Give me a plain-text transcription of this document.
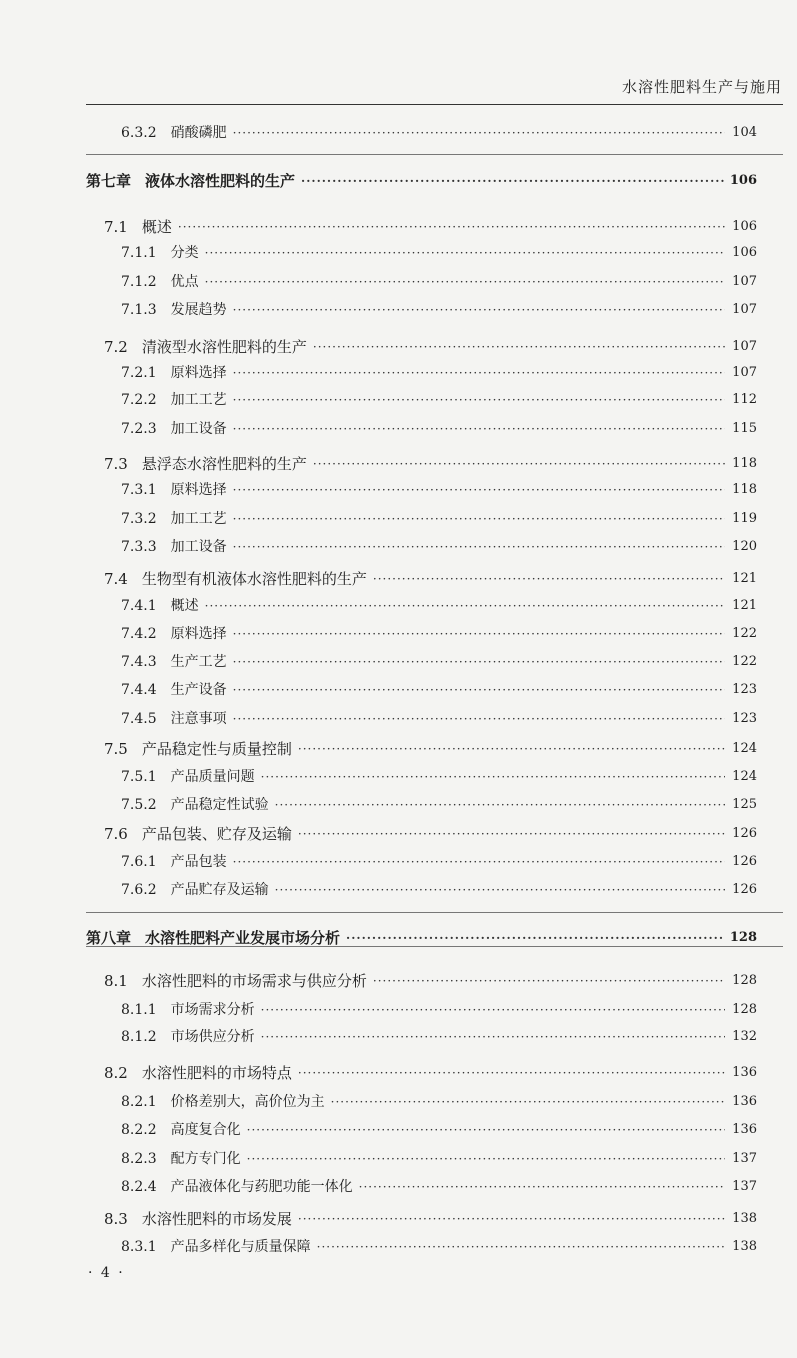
水溶性肥料生产与施用
6.3.2 硝酸磷肥 ·····	104
第七章 液体水溶性肥料的生产 ·····	106
7.1 概述 ·····	106
7.1.1 分类 ·····	106
7.1.2 优点 ·····	107
7.1.3 发展趋势 ·····	107
7.2 清液型水溶性肥料的生产 ·····	107
7.2.1 原料选择 ·····	107
7.2.2 加工工艺 ·····	112
7.2.3 加工设备 ·····	115
7.3 悬浮态水溶性肥料的生产 ·····	118
7.3.1 原料选择 ·····	118
7.3.2 加工工艺 ·····	119
7.3.3 加工设备 ·····	120
7.4 生物型有机液体水溶性肥料的生产 ·····	121
7.4.1 概述 ·····	121
7.4.2 原料选择 ·····	122
7.4.3 生产工艺 ·····	122
7.4.4 生产设备 ·····	123
7.4.5 注意事项 ·····	123
7.5 产品稳定性与质量控制 ·····	124
7.5.1 产品质量问题 ·····	124
7.5.2 产品稳定性试验 ·····	125
7.6 产品包装、贮存及运输 ·····	126
7.6.1 产品包装 ·····	126
7.6.2 产品贮存及运输 ·····	126
第八章 水溶性肥料产业发展市场分析 ·····	128
8.1 水溶性肥料的市场需求与供应分析 ·····	128
8.1.1 市场需求分析 ·····	128
8.1.2 市场供应分析 ·····	132
8.2 水溶性肥料的市场特点 ·····	136
8.2.1 价格差别大，高价位为主 ·····	136
8.2.2 高度复合化 ·····	136
8.2.3 配方专门化 ·····	137
8.2.4 产品液体化与药肥功能一体化 ·····	137
8.3 水溶性肥料的市场发展 ·····	138
8.3.1 产品多样化与质量保障 ·····	138
· 4 ·
